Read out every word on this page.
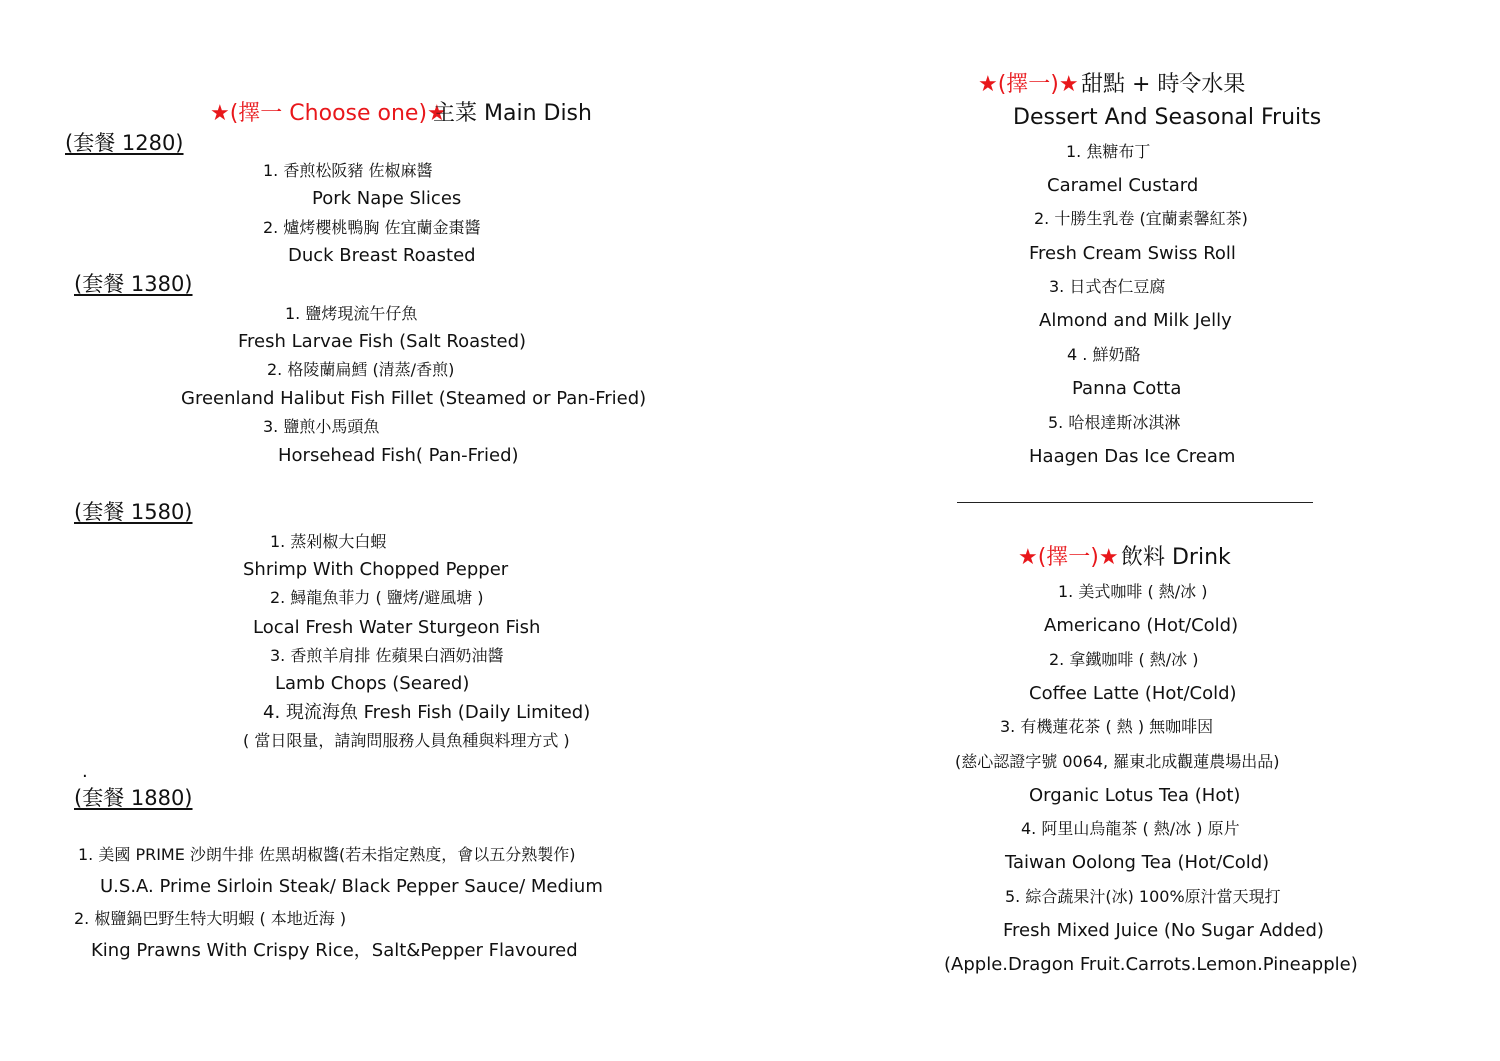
★(擇一 Choose one)★
主菜 Main Dish
(套餐 1280)
1. 香煎松阪豬 佐椒麻醬
Pork Nape Slices
2. 爐烤櫻桃鴨胸 佐宜蘭金棗醬
Duck Breast Roasted
(套餐 1380)
1. 鹽烤現流午仔魚
Fresh Larvae Fish (Salt Roasted)
2. 格陵蘭扁鱈 (清蒸/香煎)
Greenland Halibut Fish Fillet (Steamed or Pan-Fried)
3. 鹽煎小馬頭魚
Horsehead Fish( Pan-Fried)
(套餐 1580)
1. 蒸剁椒大白蝦
Shrimp With Chopped Pepper
2. 鱘龍魚菲力 ( 鹽烤/避風塘 )
Local Fresh Water Sturgeon Fish
3. 香煎羊肩排 佐蘋果白酒奶油醬
Lamb Chops (Seared)
4. 現流海魚 Fresh Fish (Daily Limited)
( 當日限量，請詢問服務人員魚種與料理方式 )
.
(套餐 1880)
1. 美國 PRIME 沙朗牛排 佐黑胡椒醬(若未指定熟度，會以五分熟製作)
U.S.A. Prime Sirloin Steak/ Black Pepper Sauce/ Medium
2. 椒鹽鍋巴野生特大明蝦 ( 本地近海 )
King Prawns With Crispy Rice，Salt&Pepper Flavoured
★(擇一)★ 甜點 + 時令水果
Dessert And Seasonal Fruits
1. 焦糖布丁
Caramel Custard
2. 十勝生乳卷 (宜蘭素馨紅茶)
Fresh Cream Swiss Roll
3. 日式杏仁豆腐
Almond and Milk Jelly
4 . 鮮奶酪
Panna Cotta
5. 哈根達斯冰淇淋
Haagen Das Ice Cream
★(擇一)★ 飲料 Drink
1. 美式咖啡 ( 熱/冰 )
Americano (Hot/Cold)
2. 拿鐵咖啡 ( 熱/冰 )
Coffee Latte (Hot/Cold)
3. 有機蓮花茶 ( 熱 ) 無咖啡因
(慈心認證字號 0064, 羅東北成觀蓮農場出品)
Organic Lotus Tea (Hot)
4. 阿里山烏龍茶 ( 熱/冰 ) 原片
Taiwan Oolong Tea (Hot/Cold)
5. 綜合蔬果汁(冰) 100%原汁當天現打
Fresh Mixed Juice (No Sugar Added)
(Apple.Dragon Fruit.Carrots.Lemon.Pineapple)
